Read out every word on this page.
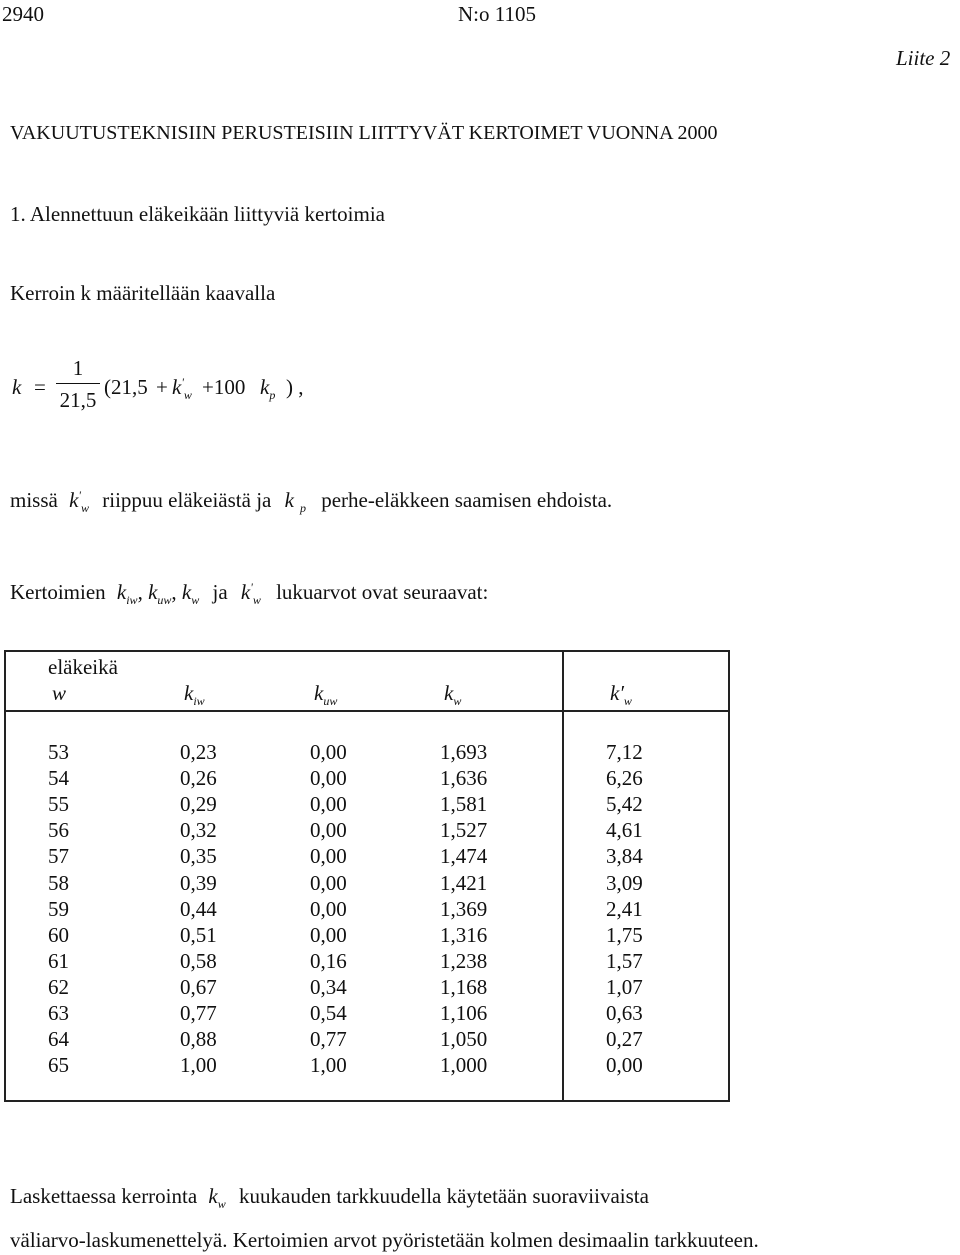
2940	N:o 1105
Liite 2
VAKUUTUSTEKNISIIN PERUSTEISIIN LIITTYVÄT KERTOIMET VUONNA 2000
1. Alennettuun eläkeikään liittyviä kertoimia
Kerroin k määritellään kaavalla
k =
1
21,5
($21,5 + k'_w +100$ $k_p$ ) ,
missä $k'_w$ riippuu eläkeiästä ja k $_p$ perhe-eläkkeen saamisen ehdoista.
Kertoimien $k_{iw}$, $k_{uw}$, $k_w$ ja $k'_w$ lukuarvot ovat seuraavat:
eläkeikä
w	$k_{iw}$	$k_{uw}$	$k_w$	$k'_w$
53	0,23	0,00	1,693	7,12
54	0,26	0,00	1,636	6,26
55	0,29	0,00	1,581	5,42
56	0,32	0,00	1,527	4,61
57	0,35	0,00	1,474	3,84
58	0,39	0,00	1,421	3,09
59	0,44	0,00	1,369	2,41
60	0,51	0,00	1,316	1,75
61	0,58	0,16	1,238	1,57
62	0,67	0,34	1,168	1,07
63	0,77	0,54	1,106	0,63
64	0,88	0,77	1,050	0,27
65	1,00	1,00	1,000	0,00
Laskettaessa kerrointa $k_w$ kuukauden tarkkuudella käytetään suoraviivaista
väliarvo-laskumenettelyä. Kertoimien arvot pyöristetään kolmen desimaalin tarkkuuteen.
